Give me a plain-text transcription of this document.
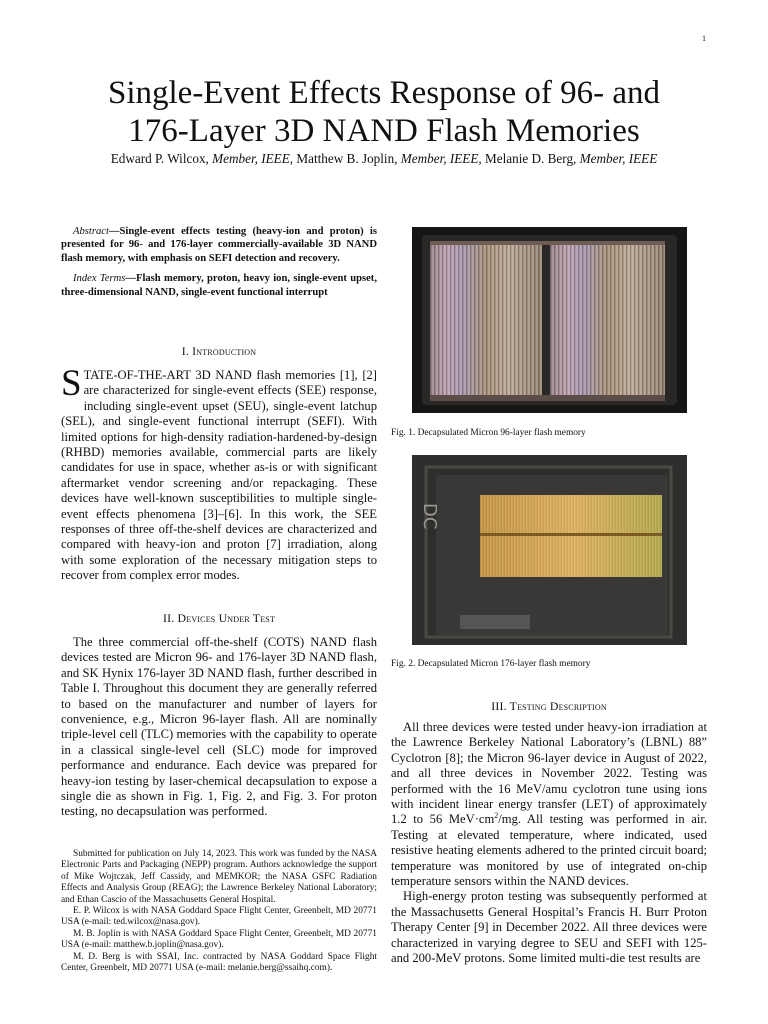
1
Single-Event Effects Response of 96- and
176-Layer 3D NAND Flash Memories

Edward P. Wilcox, Member, IEEE, Matthew B. Joplin, Member, IEEE, Melanie D. Berg, Member, IEEE

Abstract—Single-event effects testing (heavy-ion and proton) is presented for 96- and 176-layer commercially-available 3D NAND flash memory, with emphasis on SEFI detection and recovery.

Index Terms—Flash memory, proton, heavy ion, single-event upset, three-dimensional NAND, single-event functional interrupt

I. Introduction

STATE-OF-THE-ART 3D NAND flash memories [1], [2] are characterized for single-event effects (SEE) response, including single-event upset (SEU), single-event latchup (SEL), and single-event functional interrupt (SEFI). With limited options for high-density radiation-hardened-by-design (RHBD) memories available, commercial parts are likely candidates for use in space, whether as-is or with significant aftermarket vendor screening and/or repackaging. These devices have well-known susceptibilities to multiple single-event effects phenomena [3]–[6]. In this work, the SEE responses of three off-the-shelf devices are characterized and compared with heavy-ion and proton [7] irradiation, along with some exploration of the necessary mitigation steps to recover from complex error modes.

II. Devices Under Test

The three commercial off-the-shelf (COTS) NAND flash devices tested are Micron 96- and 176-layer 3D NAND flash, and SK Hynix 176-layer 3D NAND flash, further described in Table I. Throughout this document they are generally referred to based on the manufacturer and number of layers for convenience, e.g., Micron 96-layer flash. All are nominally triple-level cell (TLC) memories with the capability to operate in a classical single-level cell (SLC) mode for improved performance and endurance. Each device was prepared for heavy-ion testing by laser-chemical decapsulation to expose a single die as shown in Fig. 1, Fig. 2, and Fig. 3. For proton testing, no decapsulation was performed.

Submitted for publication on July 14, 2023. This work was funded by the NASA Electronic Parts and Packaging (NEPP) program. Authors acknowledge the support of Mike Wojtczak, Jeff Cassidy, and MEMKOR; the NASA GSFC Radiation Effects and Analysis Group (REAG); the Lawrence Berkeley National Laboratory; and Ethan Cascio of the Massachusetts General Hospital.

E. P. Wilcox is with NASA Goddard Space Flight Center, Greenbelt, MD 20771 USA (e-mail: ted.wilcox@nasa.gov).

M. B. Joplin is with NASA Goddard Space Flight Center, Greenbelt, MD 20771 USA (e-mail: matthew.b.joplin@nasa.gov).

M. D. Berg is with SSAI, Inc. contracted by NASA Goddard Space Flight Center, Greenbelt, MD 20771 USA (e-mail: melanie.berg@ssaihq.com).

Fig. 1. Decapsulated Micron 96-layer flash memory
DC
Fig. 2. Decapsulated Micron 176-layer flash memory
III. Testing Description

All three devices were tested under heavy-ion irradiation at the Lawrence Berkeley National Laboratory’s (LBNL) 88” Cyclotron [8]; the Micron 96-layer device in August of 2022, and all three devices in November 2022. Testing was performed with the 16 MeV/amu cyclotron tune using ions with incident linear energy transfer (LET) of approximately 1.2 to 56 $MeV\cdot cm^2/mg$. All testing was performed in air. Testing at elevated temperature, where indicated, used resistive heating elements adhered to the printed circuit board; temperature was monitored by use of integrated on-chip temperature sensors within the NAND devices.

High-energy proton testing was subsequently performed at the Massachusetts General Hospital’s Francis H. Burr Proton Therapy Center [9] in December 2022. All three devices were characterized in varying degree to SEU and SEFI with 125- and 200-MeV protons. Some limited multi-die test results are
